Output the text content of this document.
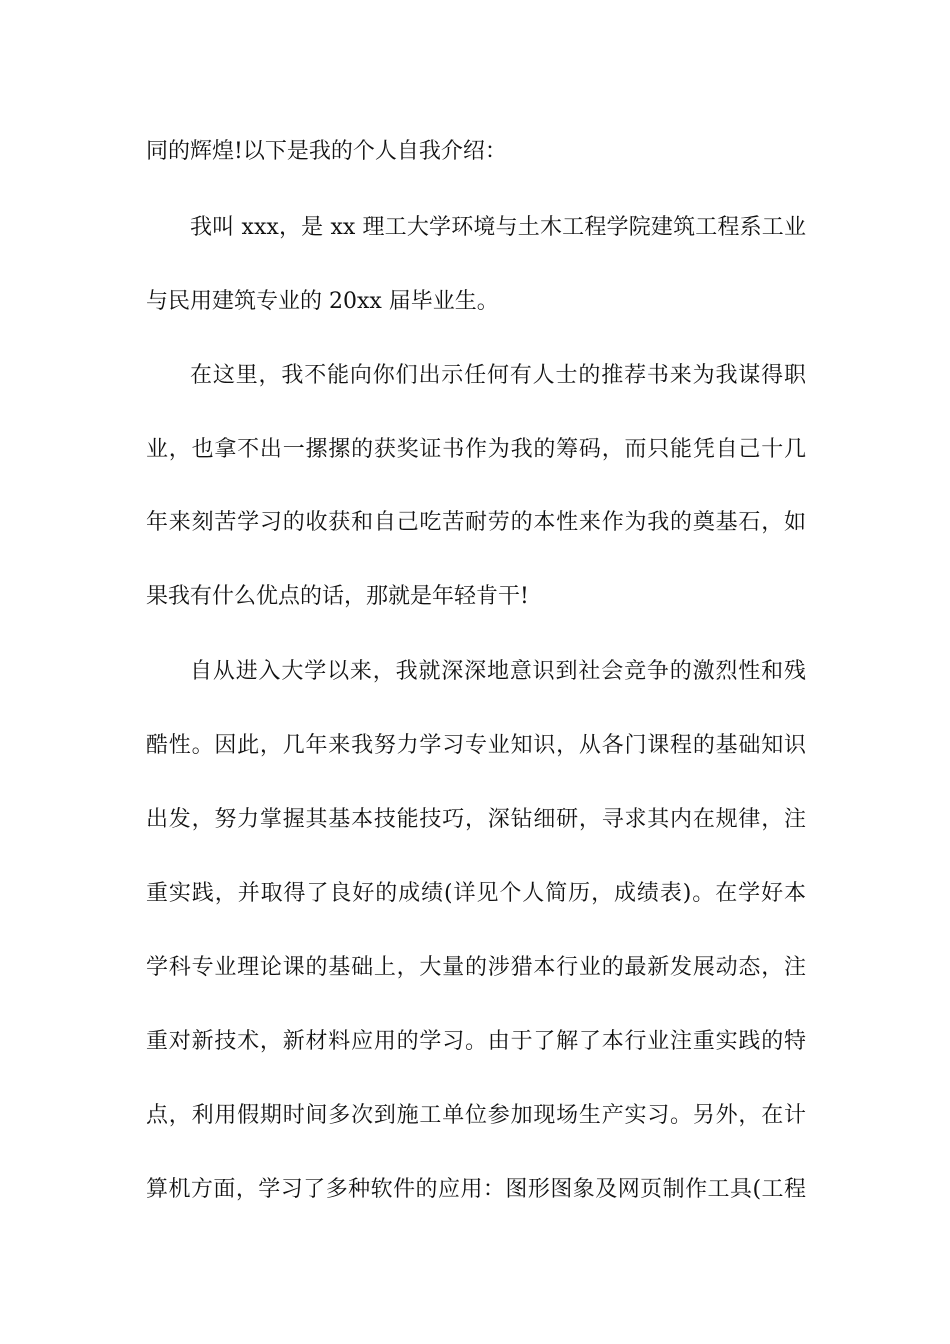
同的辉煌!以下是我的个人自我介绍：
我叫 xxx，是 xx 理工大学环境与土木工程学院建筑工程系工业
与民用建筑专业的 20xx 届毕业生。
在这里，我不能向你们出示任何有人士的推荐书来为我谋得职
业，也拿不出一摞摞的获奖证书作为我的筹码，而只能凭自己十几
年来刻苦学习的收获和自己吃苦耐劳的本性来作为我的奠基石，如
果我有什么优点的话，那就是年轻肯干!
自从进入大学以来，我就深深地意识到社会竞争的激烈性和残
酷性。因此，几年来我努力学习专业知识，从各门课程的基础知识
出发，努力掌握其基本技能技巧，深钻细研，寻求其内在规律，注
重实践，并取得了良好的成绩(详见个人简历，成绩表)。在学好本
学科专业理论课的基础上，大量的涉猎本行业的最新发展动态，注
重对新技术，新材料应用的学习。由于了解了本行业注重实践的特
点，利用假期时间多次到施工单位参加现场生产实习。另外，在计
算机方面，学习了多种软件的应用：图形图象及网页制作工具(工程
